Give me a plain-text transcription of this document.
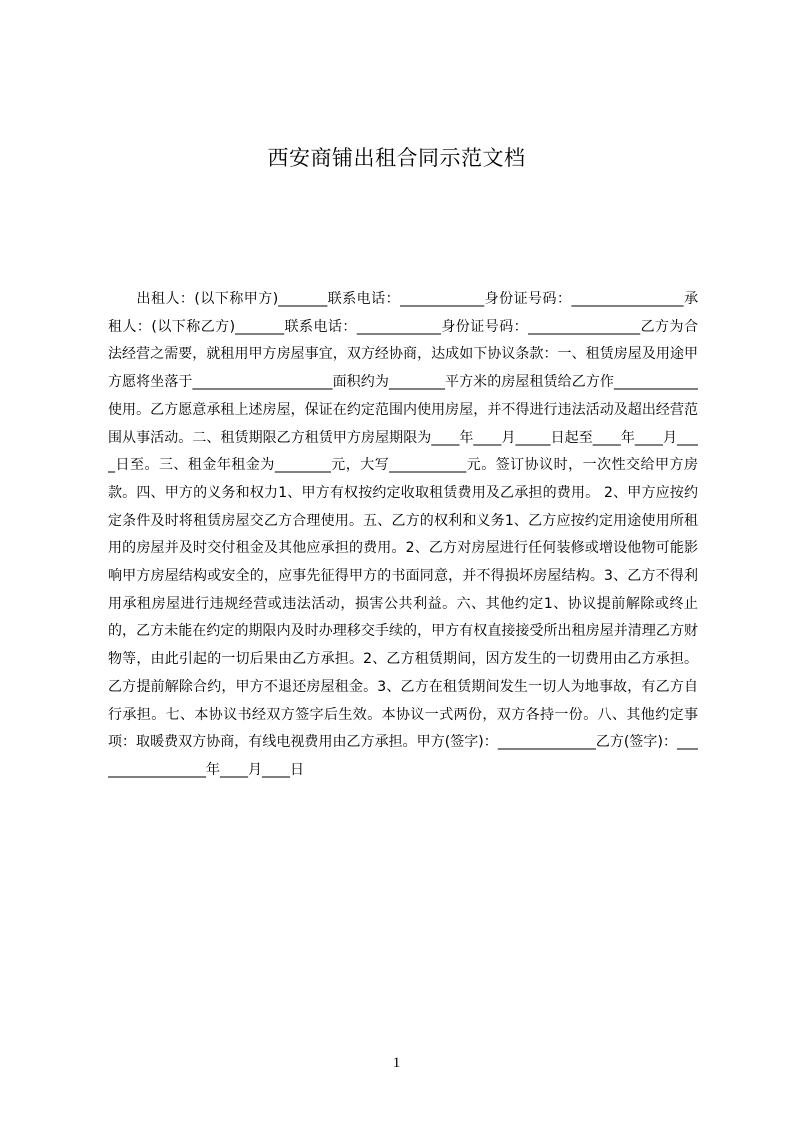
西安商铺出租合同示范文档

出租人：(以下称甲方)_______联系电话：____________身份证号码：________________承租人：(以下称乙方)_______联系电话：____________身份证号码：________________乙方为合法经营之需要，就租用甲方房屋事宜，双方经协商，达成如下协议条款：一、租赁房屋及用途甲方愿将坐落于____________________面积约为________平方米的房屋租赁给乙方作____________使用。乙方愿意承租上述房屋，保证在约定范围内使用房屋，并不得进行违法活动及超出经营范围从事活动。二、租赁期限乙方租赁甲方房屋期限为____年____月_____日起至____年____月____日至。三、租金年租金为________元，大写___________元。签订协议时，一次性交给甲方房款。四、甲方的义务和权力1、甲方有权按约定收取租赁费用及乙承担的费用。 2、甲方应按约定条件及时将租赁房屋交乙方合理使用。五、乙方的权利和义务1、乙方应按约定用途使用所租用的房屋并及时交付租金及其他应承担的费用。2、乙方对房屋进行任何装修或增设他物可能影响甲方房屋结构或安全的，应事先征得甲方的书面同意，并不得损坏房屋结构。3、乙方不得利用承租房屋进行违规经营或违法活动，损害公共利益。六、其他约定1、协议提前解除或终止的，乙方未能在约定的期限内及时办理移交手续的，甲方有权直接接受所出租房屋并清理乙方财物等，由此引起的一切后果由乙方承担。2、乙方租赁期间，因方发生的一切费用由乙方承担。乙方提前解除合约，甲方不退还房屋租金。3、乙方在租赁期间发生一切人为地事故，有乙方自行承担。七、本协议书经双方签字后生效。本协议一式两份，双方各持一份。八、其他约定事项：取暖费双方协商，有线电视费用由乙方承担。甲方(签字)：______________乙方(签字)：_________________年____月____日

1
